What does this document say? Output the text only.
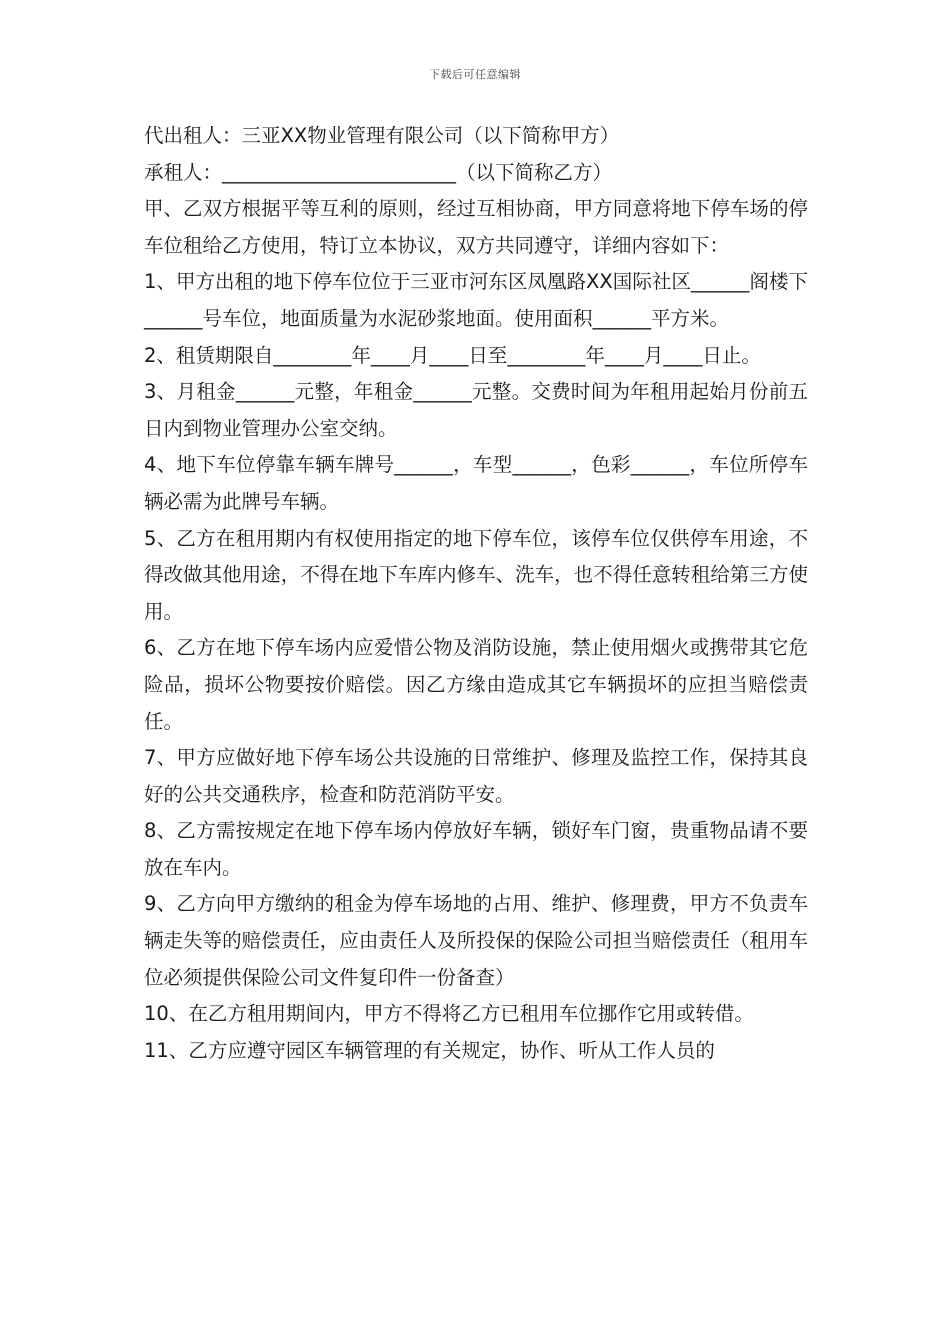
下载后可任意编辑

代出租人：三亚XX物业管理有限公司（以下简称甲方）

承租人：________________________（以下简称乙方）

甲、乙双方根据平等互利的原则，经过互相协商，甲方同意将地下停车场的停车位租给乙方使用，特订立本协议，双方共同遵守，详细内容如下：

1、甲方出租的地下停车位位于三亚市河东区凤凰路XX国际社区______阁楼下______号车位，地面质量为水泥砂浆地面。使用面积______平方米。

2、租赁期限自________年____月____日至________年____月____日止。

3、月租金______元整，年租金______元整。交费时间为年租用起始月份前五日内到物业管理办公室交纳。

4、地下车位停靠车辆车牌号______，车型______，色彩______，车位所停车辆必需为此牌号车辆。

5、乙方在租用期内有权使用指定的地下停车位，该停车位仅供停车用途，不得改做其他用途，不得在地下车库内修车、洗车，也不得任意转租给第三方使用。

6、乙方在地下停车场内应爱惜公物及消防设施，禁止使用烟火或携带其它危险品，损坏公物要按价赔偿。因乙方缘由造成其它车辆损坏的应担当赔偿责任。

7、甲方应做好地下停车场公共设施的日常维护、修理及监控工作，保持其良好的公共交通秩序，检查和防范消防平安。

8、乙方需按规定在地下停车场内停放好车辆，锁好车门窗，贵重物品请不要放在车内。

9、乙方向甲方缴纳的租金为停车场地的占用、维护、修理费，甲方不负责车辆走失等的赔偿责任，应由责任人及所投保的保险公司担当赔偿责任（租用车位必须提供保险公司文件复印件一份备查）

10、在乙方租用期间内，甲方不得将乙方已租用车位挪作它用或转借。

11、乙方应遵守园区车辆管理的有关规定，协作、听从工作人员的
